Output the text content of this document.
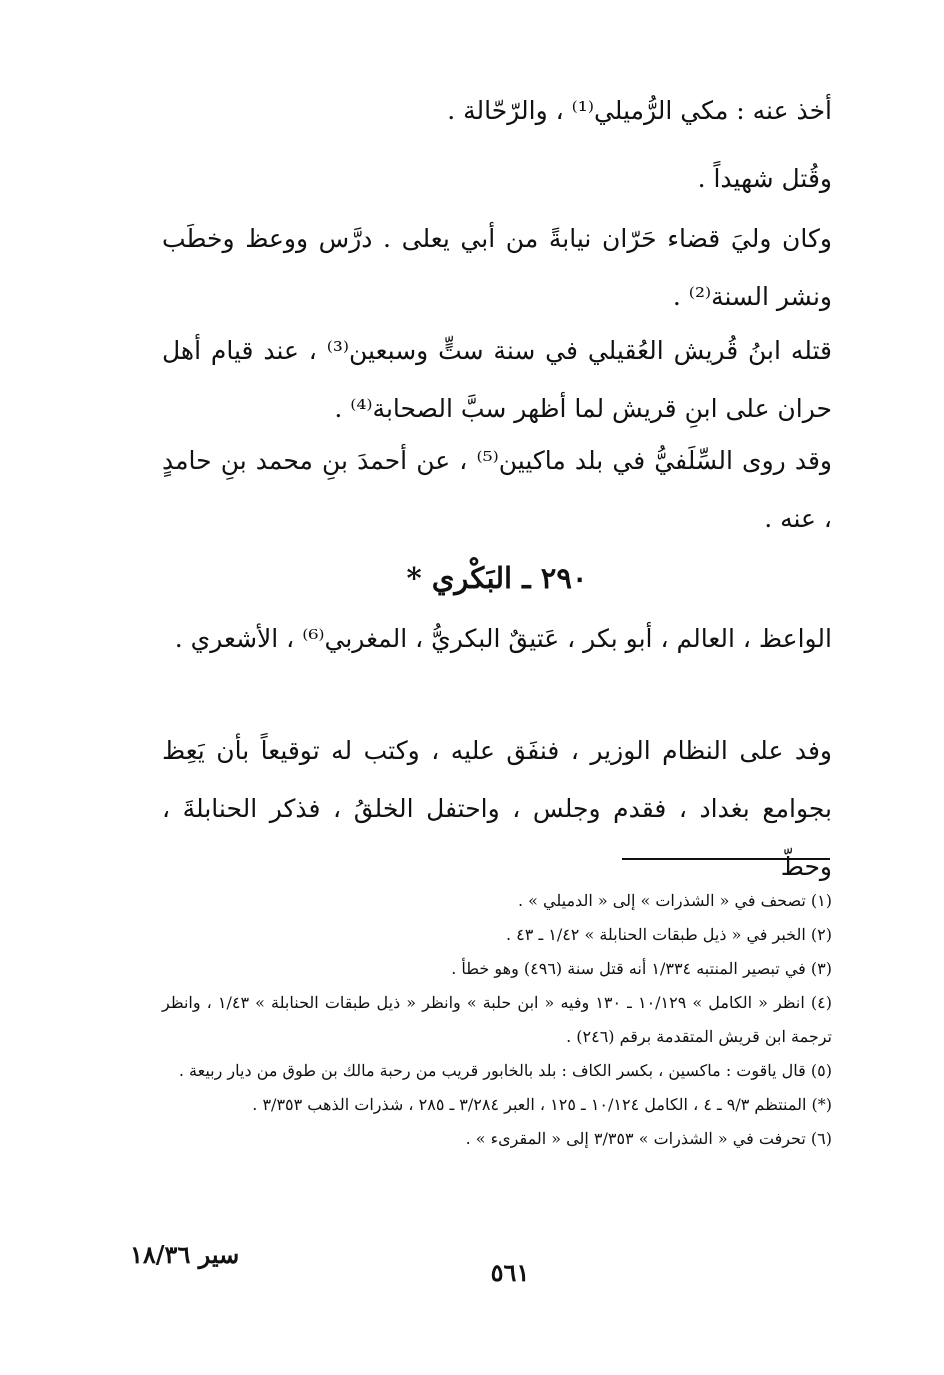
أخذ عنه : مكي الرُّميلي⁽¹⁾ ، والرّحّالة .

وقُتل شهيداً .

وكان وليَ قضاء حَرّان نيابةً من أبي يعلى . درَّس ووعظ وخطَب ونشر السنة⁽²⁾ .

قتله ابنُ قُريش العُقيلي في سنة ستٍّ وسبعين⁽³⁾ ، عند قيام أهل حران على ابنِ قريش لما أظهر سبَّ الصحابة⁽⁴⁾ .

وقد روى السِّلَفيُّ في بلد ماكيين⁽⁵⁾ ، عن أحمدَ بنِ محمد بنِ حامدٍ ، عنه .

٢٩٠ ـ البَكْري *

الواعظ ، العالم ، أبو بكر ، عَتيقٌ البكريُّ ، المغربي⁽⁶⁾ ، الأشعري .

وفد على النظام الوزير ، فنفَق عليه ، وكتب له توقيعاً بأن يَعِظ بجوامع بغداد ، فقدم وجلس ، واحتفل الخلقُ ، فذكر الحنابلةَ ، وحطّ

(١) تصحف في « الشذرات » إلى « الدميلي » .

(٢) الخبر في « ذيل طبقات الحنابلة » ١/٤٢ ـ ٤٣ .

(٣) في تبصير المنتبه ١/٣٣٤ أنه قتل سنة (٤٩٦) وهو خطأ .

(٤) انظر « الكامل » ١٠/١٢٩ ـ ١٣٠ وفيه « ابن حلبة » وانظر « ذيل طبقات الحنابلة » ١/٤٣ ، وانظر ترجمة ابن قريش المتقدمة برقم (٢٤٦) .

(٥) قال ياقوت : ماكسين ، بكسر الكاف : بلد بالخابور قريب من رحبة مالك بن طوق من ديار ربيعة .

(*) المنتظم ٩/٣ ـ ٤ ، الكامل ١٠/١٢٤ ـ ١٢٥ ، العبر ٣/٢٨٤ ـ ٢٨٥ ، شذرات الذهب ٣/٣٥٣ .

(٦) تحرفت في « الشذرات » ٣/٣٥٣ إلى « المقرىء » .

٥٦١
سير ١٨/٣٦
